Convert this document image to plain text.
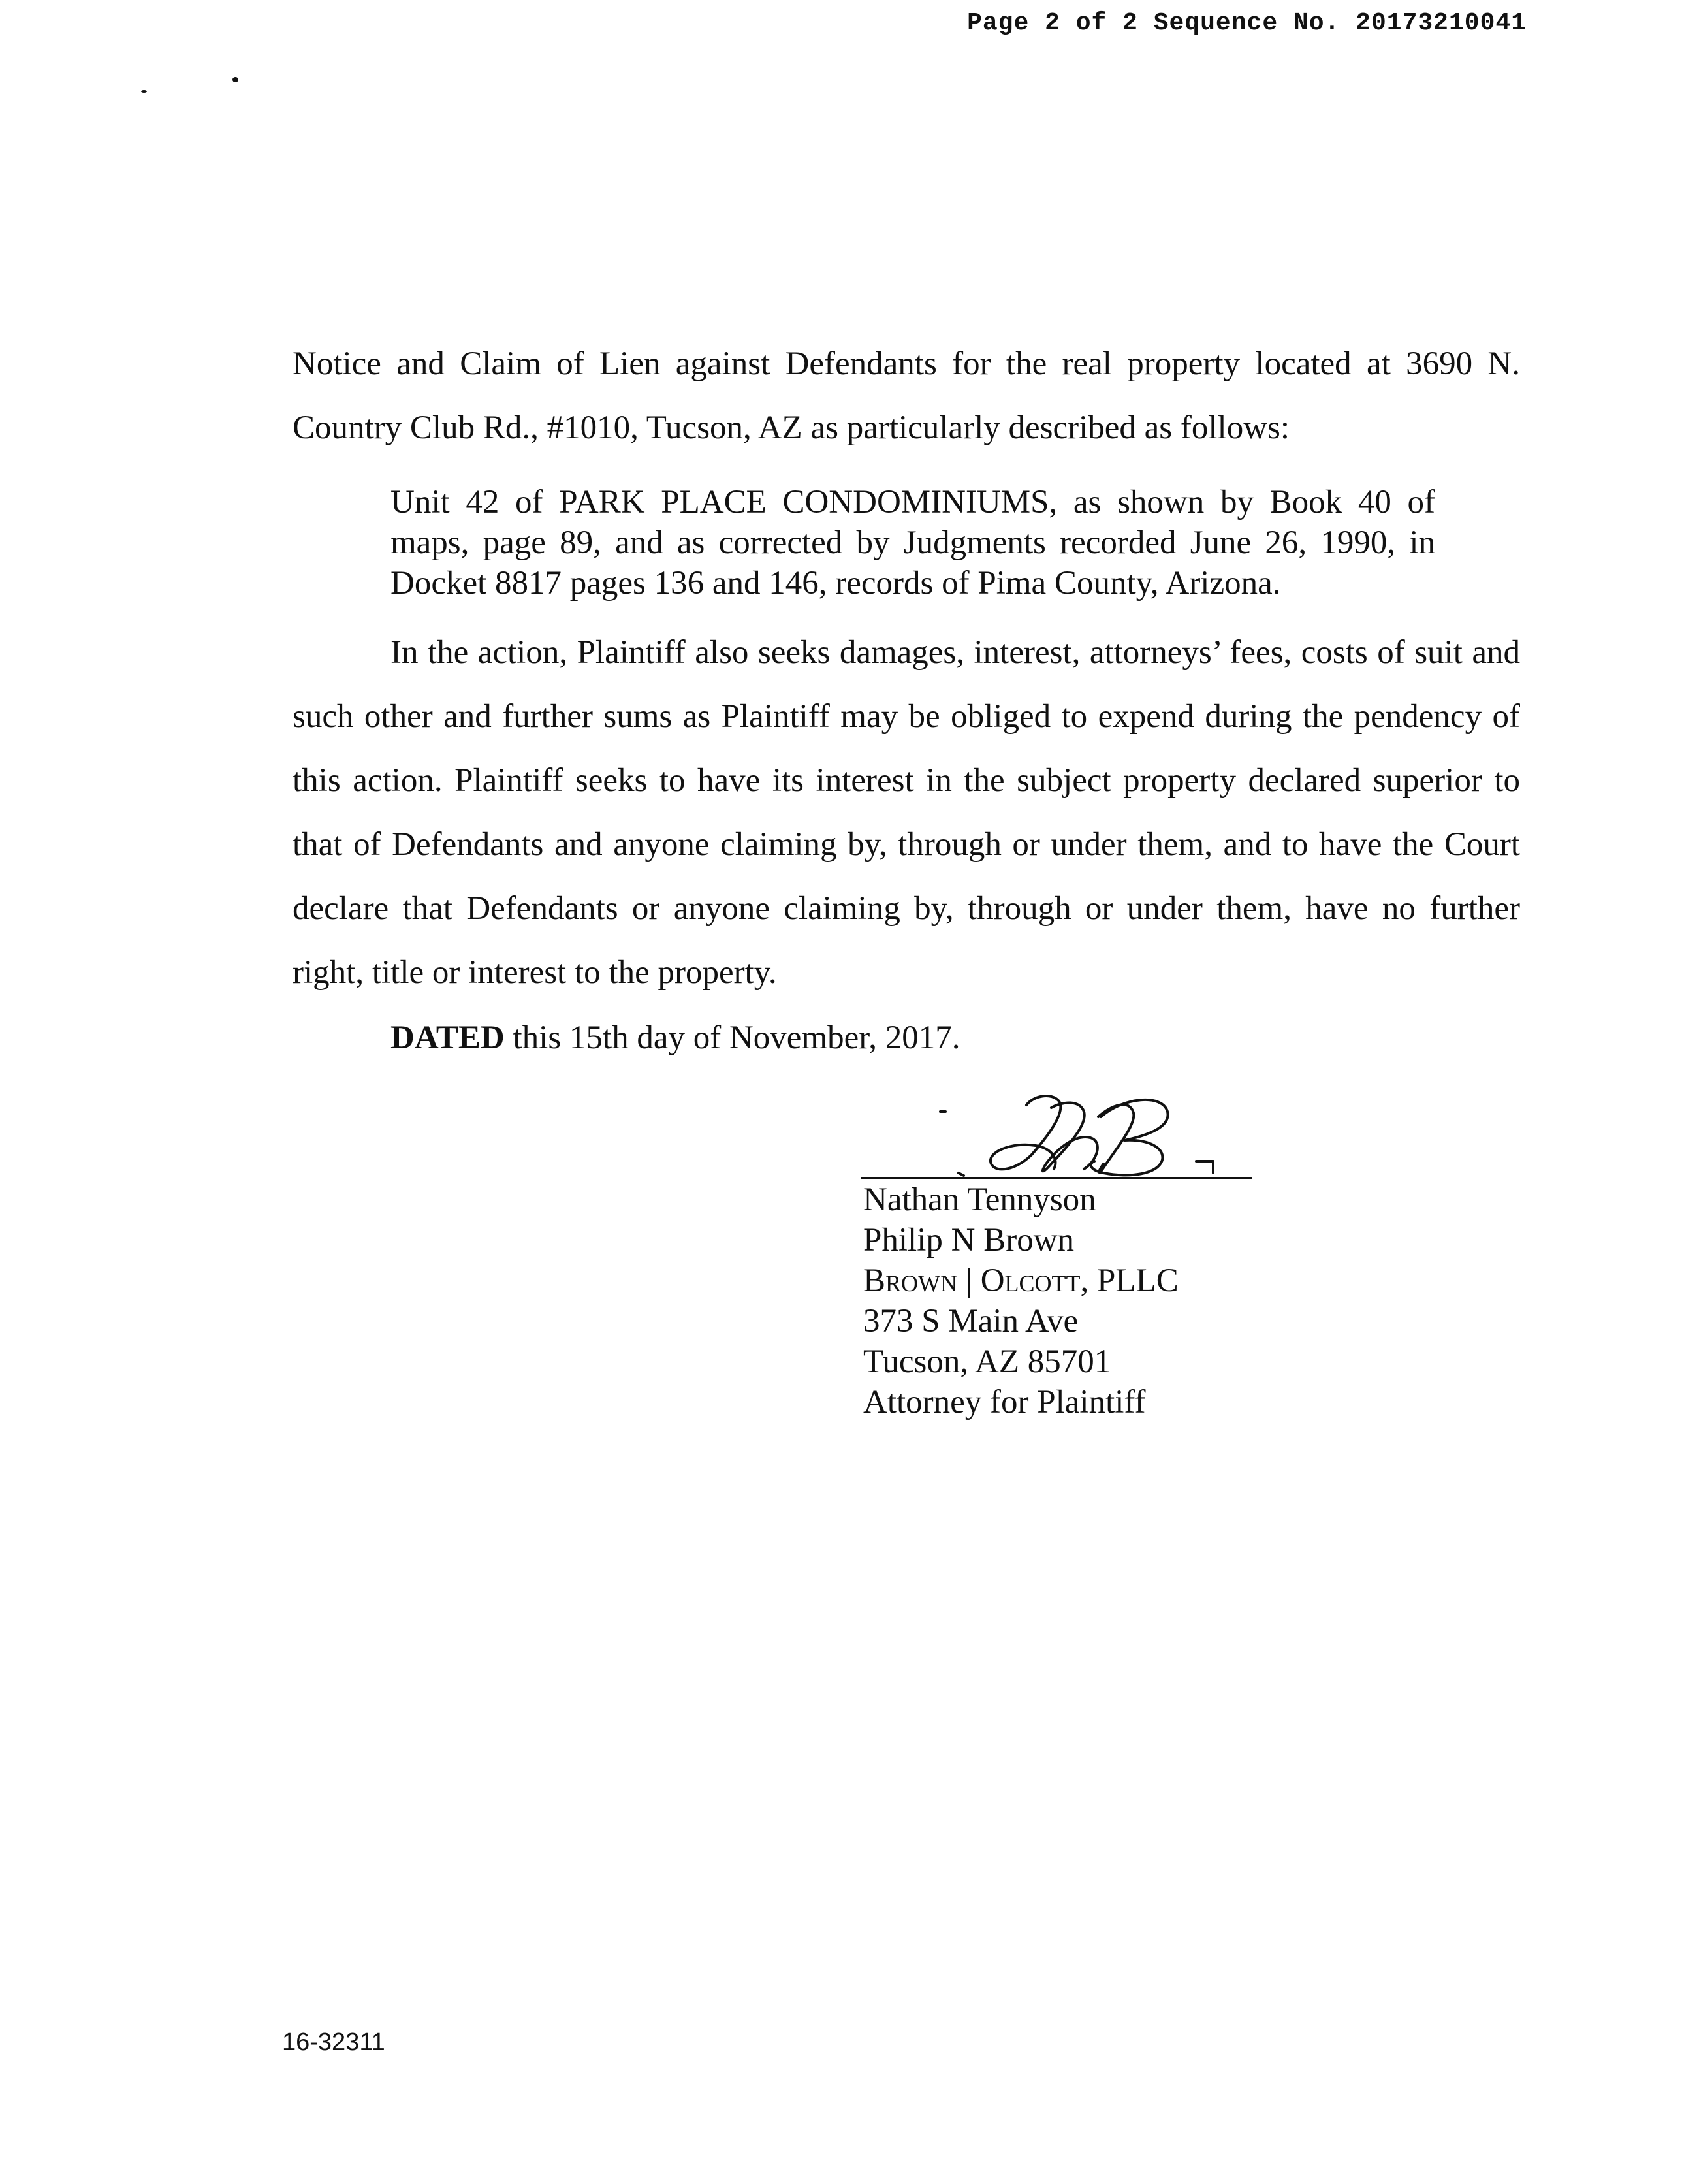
Page 2 of 2 Sequence No. 20173210041
Notice and Claim of Lien against Defendants for the real property located at 3690 N. Country Club Rd., #1010, Tucson, AZ as particularly described as follows:
Unit 42 of PARK PLACE CONDOMINIUMS, as shown by Book 40 of maps, page 89, and as corrected by Judgments recorded June 26, 1990, in Docket 8817 pages 136 and 146, records of Pima County, Arizona.
In the action, Plaintiff also seeks damages, interest, attorneys’ fees, costs of suit and such other and further sums as Plaintiff may be obliged to expend during the pendency of this action. Plaintiff seeks to have its interest in the subject property declared superior to that of Defendants and anyone claiming by, through or under them, and to have the Court declare that Defendants or anyone claiming by, through or under them, have no further right, title or interest to the property.
DATED this 15th day of November, 2017.
Nathan Tennyson
Philip N Brown
Brown | Olcott, PLLC
373 S Main Ave
Tucson, AZ 85701
Attorney for Plaintiff
16-32311
